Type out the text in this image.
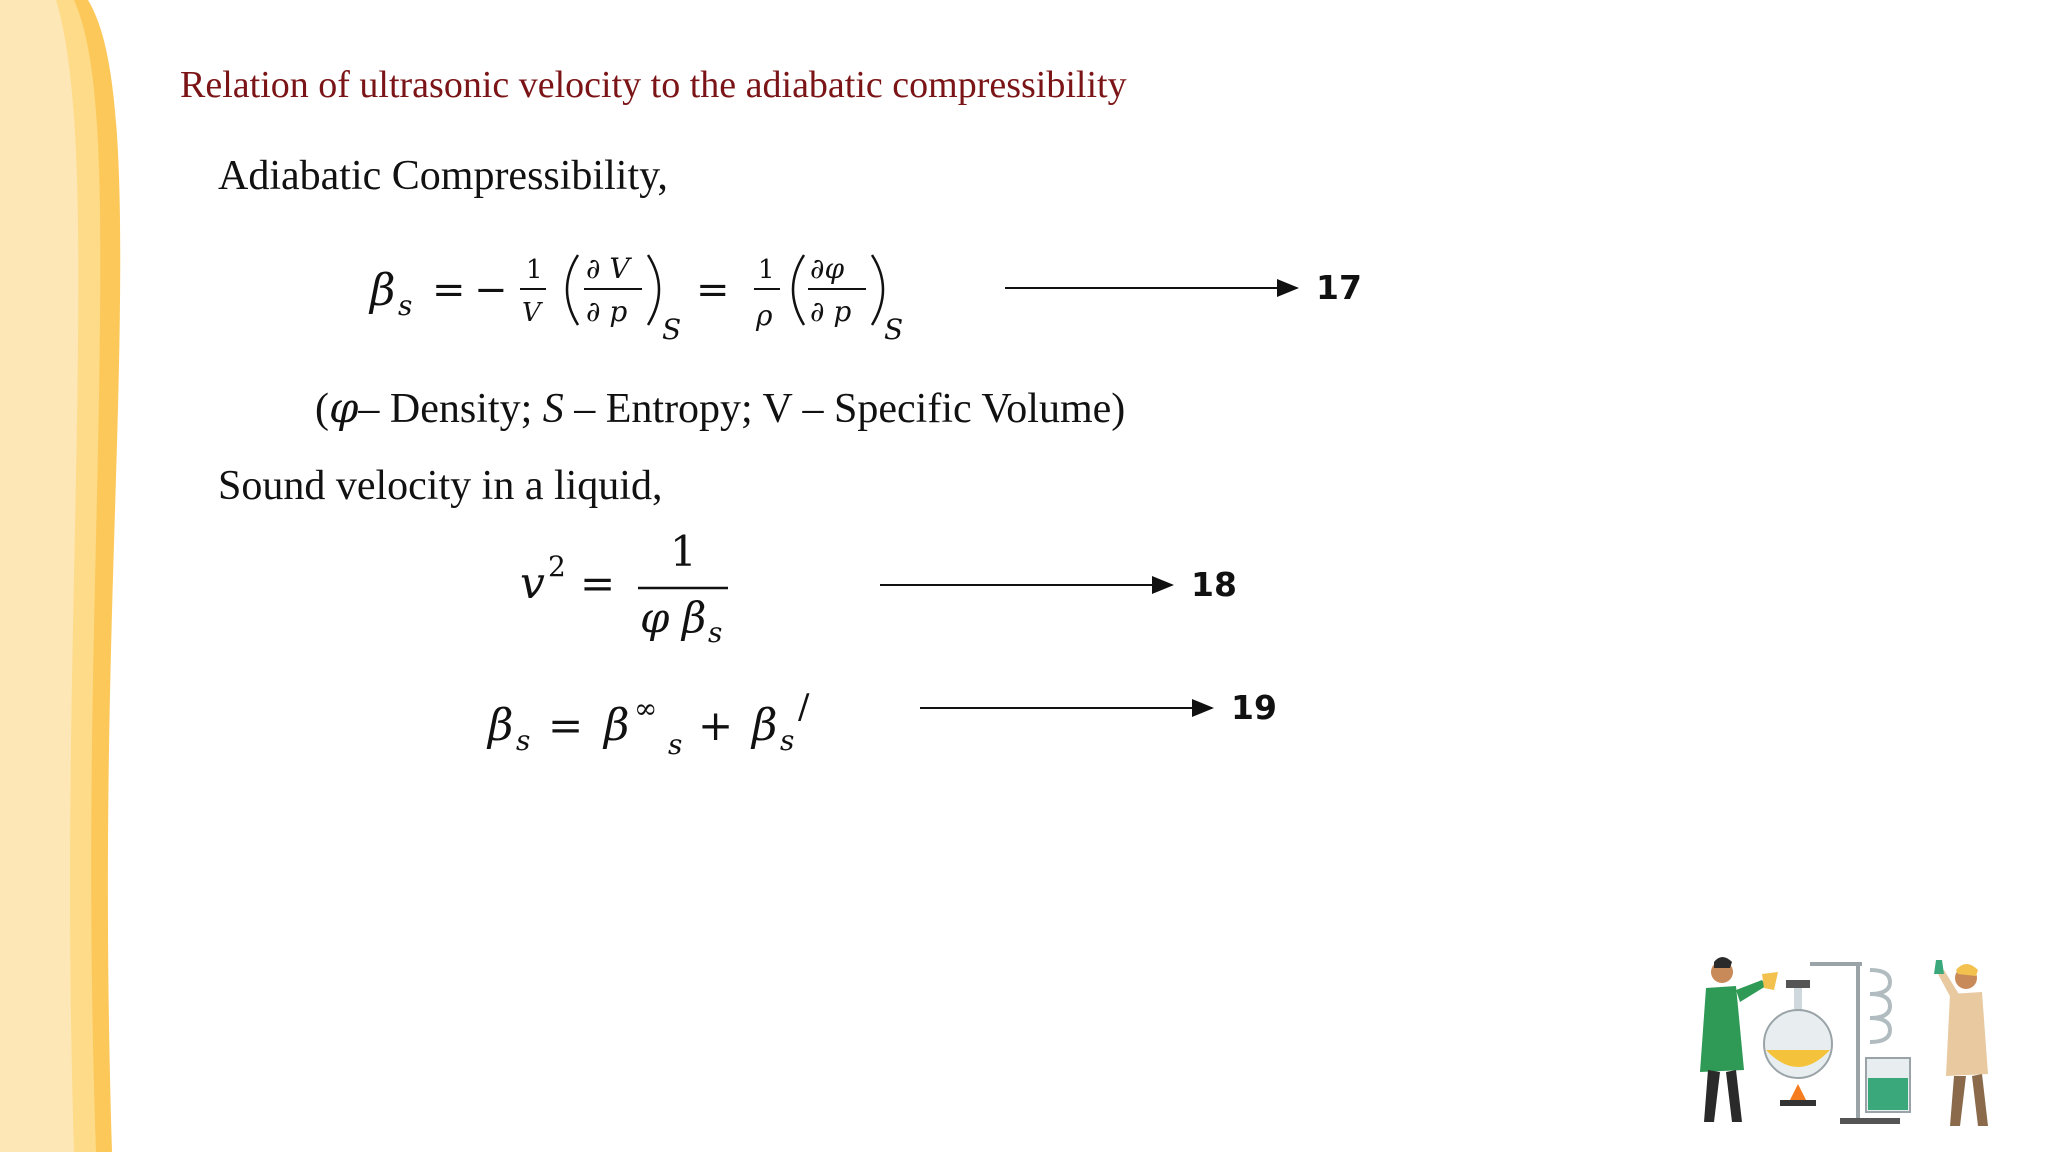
Relation of ultrasonic velocity to the adiabatic compressibility
Adiabatic Compressibility,
β s = − 1
V
∂ V
∂ p
S
= 1
ρ
∂φ
∂ p
S
17
(φ– Density; S – Entropy; V – Specific Volume)
Sound velocity in a liquid,
v 2 =
1
φ β s
18
β s = β ∞
s + β s
/	19
